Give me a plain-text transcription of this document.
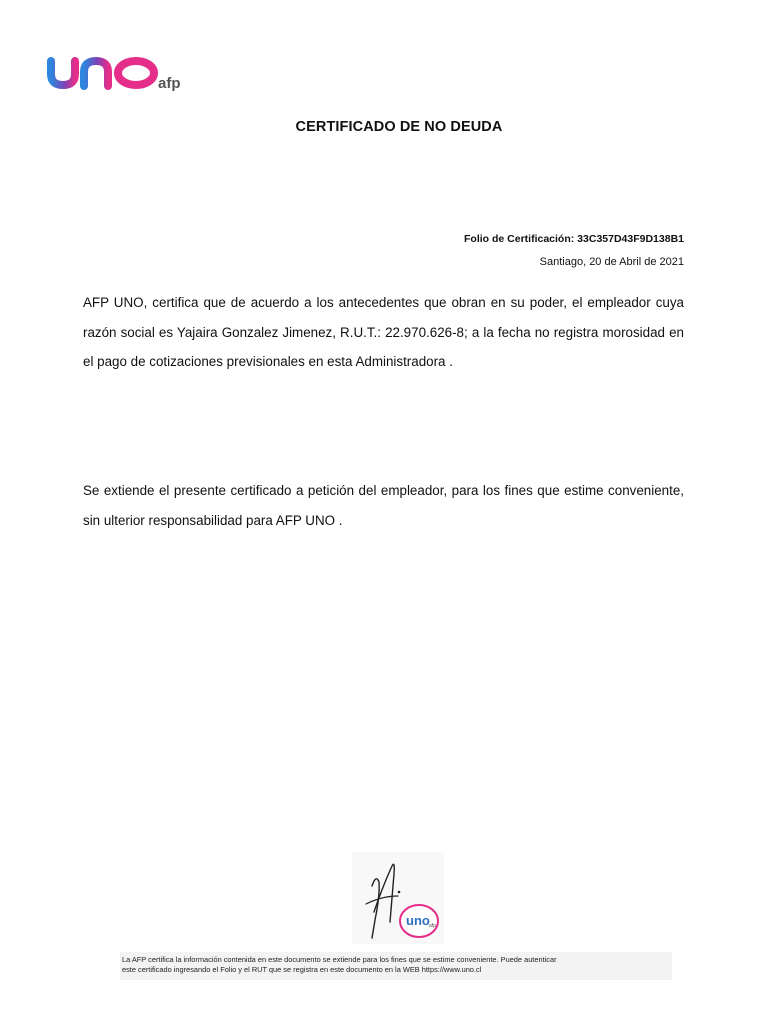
afp
CERTIFICADO DE NO DEUDA
Folio de Certificación: 33C357D43F9D138B1
Santiago, 20 de Abril de 2021
AFP UNO, certifica que de acuerdo a los antecedentes que obran en su poder, el empleador cuya razón social es Yajaira Gonzalez Jimenez, R.U.T.: 22.970.626-8; a la fecha no registra morosidad en el pago de cotizaciones previsionales en esta Administradora .
Se extiende el presente certificado a petición del empleador, para los fines que estime conveniente, sin ulterior responsabilidad para AFP UNO .
uno afp
La AFP certifica la información contenida en este documento se extiende para los fines que se estime conveniente. Puede autenticar
este certificado ingresando el Folio y el RUT que se registra en este documento en la WEB https://www.uno.cl
